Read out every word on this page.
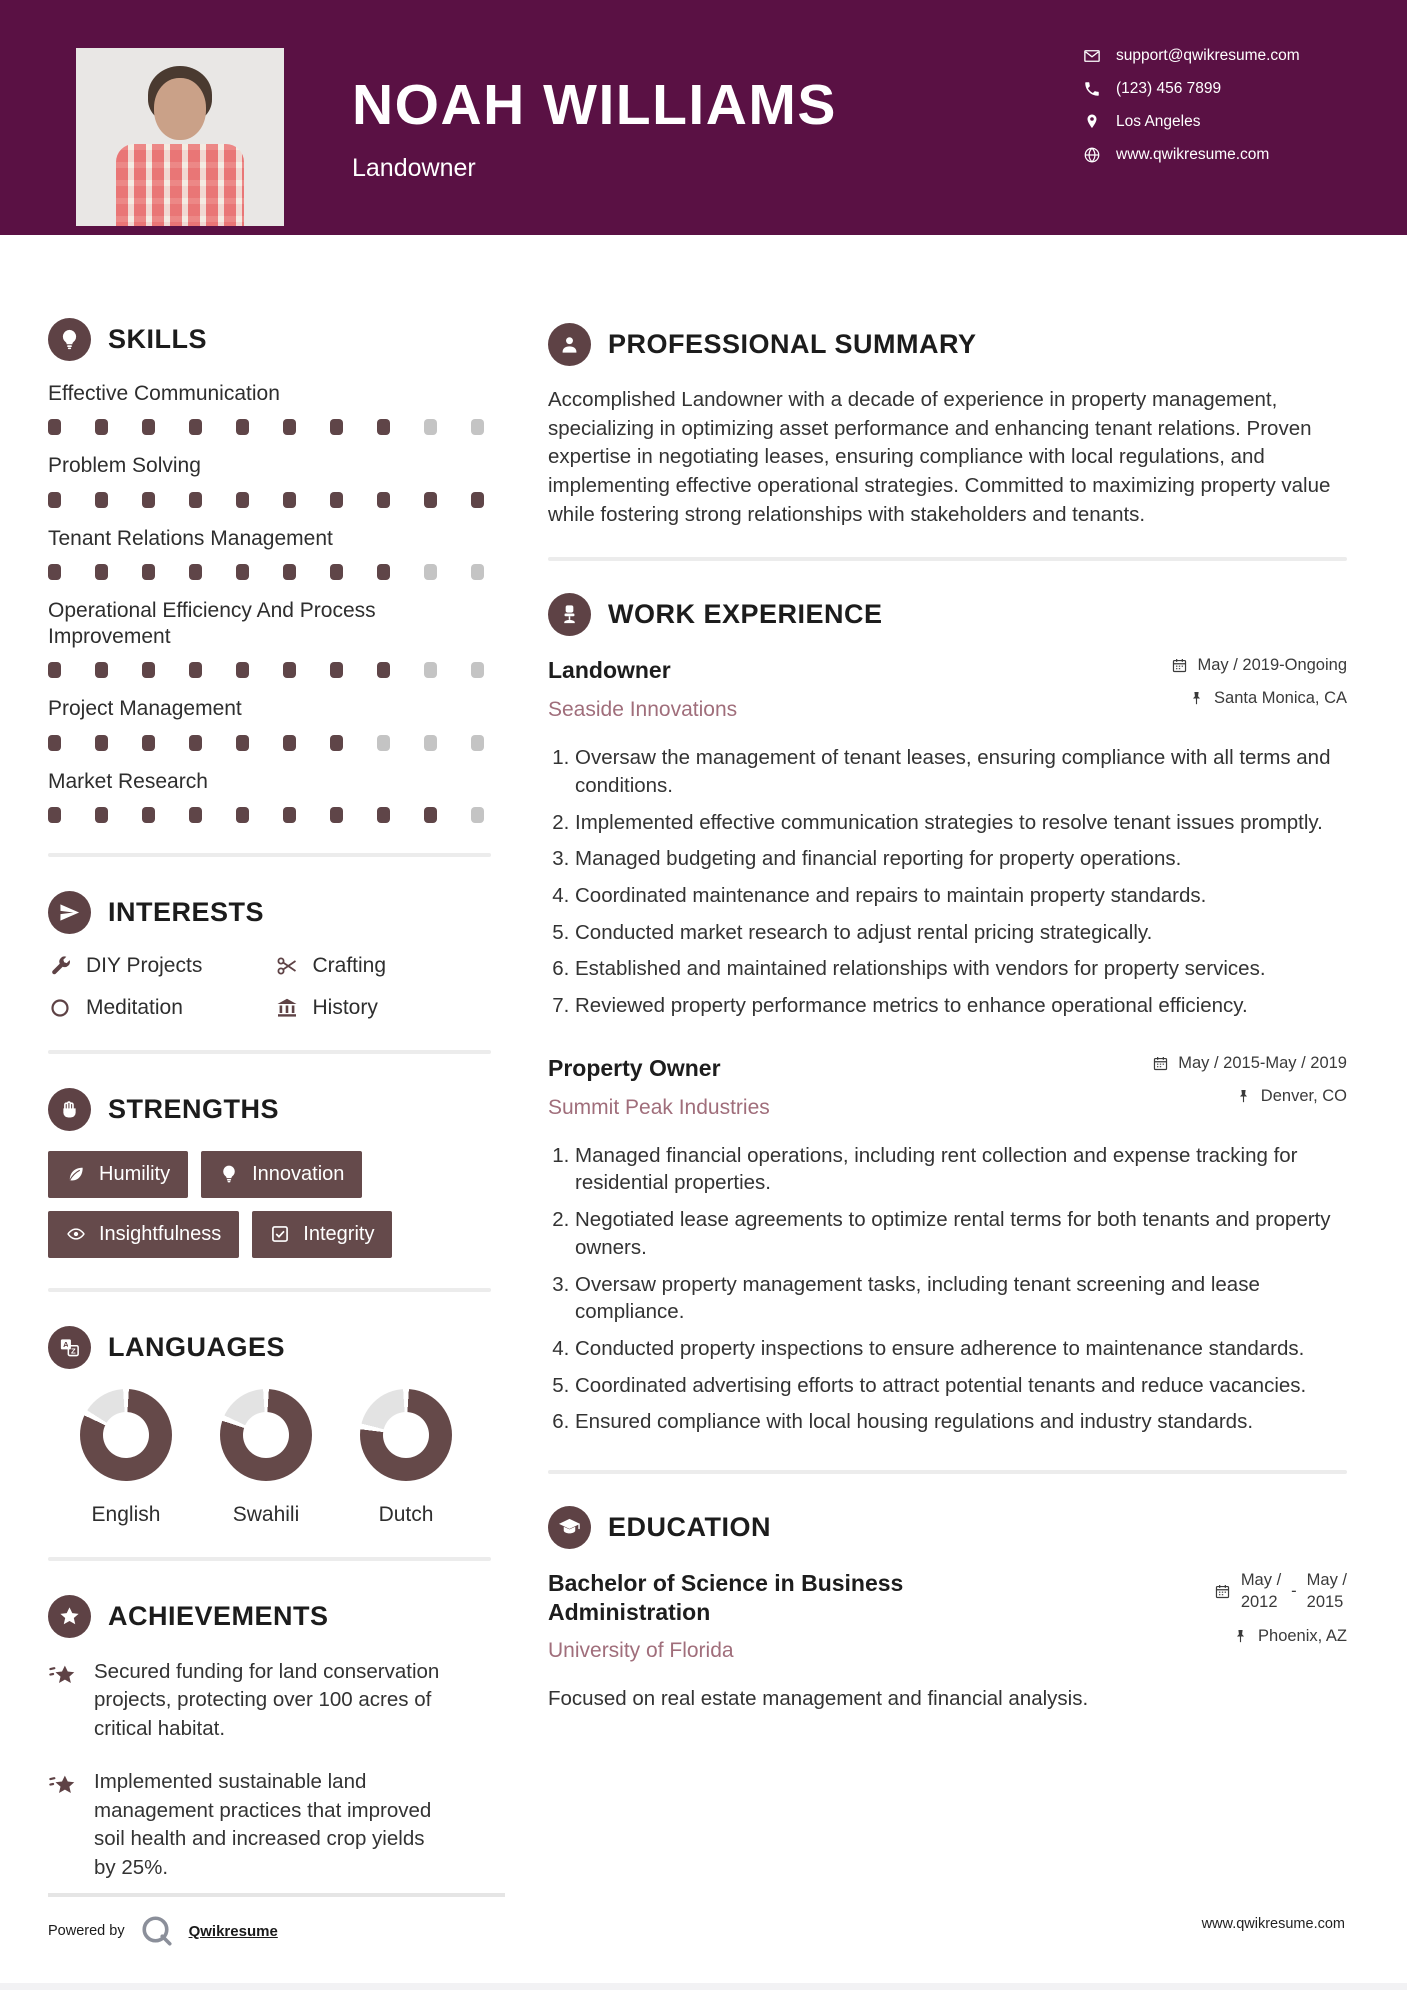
NOAH WILLIAMS
Landowner
support@qwikresume.com
(123) 456 7899
Los Angeles
www.qwikresume.com
SKILLS
Effective Communication
Problem Solving
Tenant Relations Management
Operational Efficiency And Process Improvement
Project Management
Market Research
INTERESTS
DIY Projects	Crafting
Meditation	History
STRENGTHS
Humility	Innovation
Insightfulness	Integrity
A
Z LANGUAGES
English	Swahili	Dutch
ACHIEVEMENTS
Secured funding for land conservation projects, protecting over 100 acres of critical habitat.
Implemented sustainable land management practices that improved soil health and increased crop yields by 25%.
PROFESSIONAL SUMMARY

Accomplished Landowner with a decade of experience in property management, specializing in optimizing asset performance and enhancing tenant relations. Proven expertise in negotiating leases, ensuring compliance with local regulations, and implementing effective operational strategies. Committed to maximizing property value while fostering strong relationships with stakeholders and tenants.

WORK EXPERIENCE
Landowner
Seaside Innovations
May / 2019-Ongoing
Santa Monica, CA
1. Oversaw the management of tenant leases, ensuring compliance with all terms and conditions.
2. Implemented effective communication strategies to resolve tenant issues promptly.
3. Managed budgeting and financial reporting for property operations.
4. Coordinated maintenance and repairs to maintain property standards.
5. Conducted market research to adjust rental pricing strategically.
6. Established and maintained relationships with vendors for property services.
7. Reviewed property performance metrics to enhance operational efficiency.
Property Owner
Summit Peak Industries
May / 2015-May / 2019
Denver, CO
1. Managed financial operations, including rent collection and expense tracking for residential properties.
2. Negotiated lease agreements to optimize rental terms for both tenants and property owners.
3. Oversaw property management tasks, including tenant screening and lease compliance.
4. Conducted property inspections to ensure adherence to maintenance standards.
5. Coordinated advertising efforts to attract potential tenants and reduce vacancies.
6. Ensured compliance with local housing regulations and industry standards.
EDUCATION
Bachelor of Science in Business Administration
University of Florida
May /
2012
-
May /
2015
Phoenix, AZ
Focused on real estate management and financial analysis.
Powered by	Qwikresume	www.qwikresume.com
